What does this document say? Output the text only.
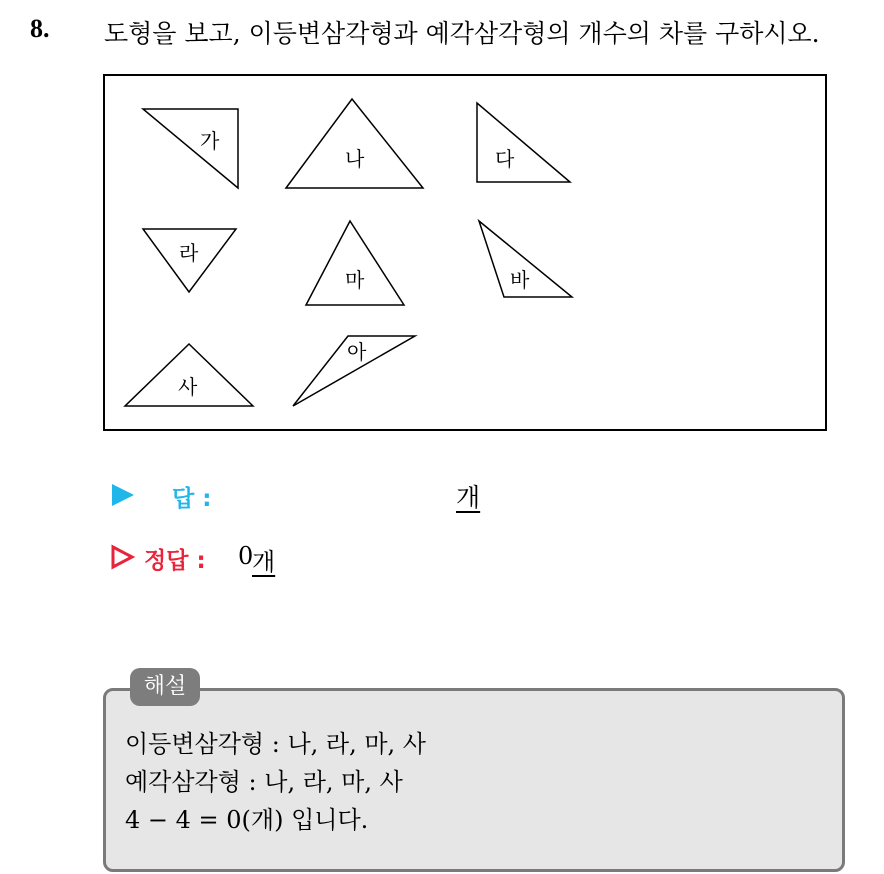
8. 도형을 보고, 이등변삼각형과 예각삼각형의 개수의 차를 구하시오.
가
나	다
라
마	바
사
아
답 :	개
정답 : 0
개
해설
이등변삼각형 : 나, 라, 마, 사
예각삼각형 : 나, 라, 마, 사
4 − 4 = 0(개) 입니다.
